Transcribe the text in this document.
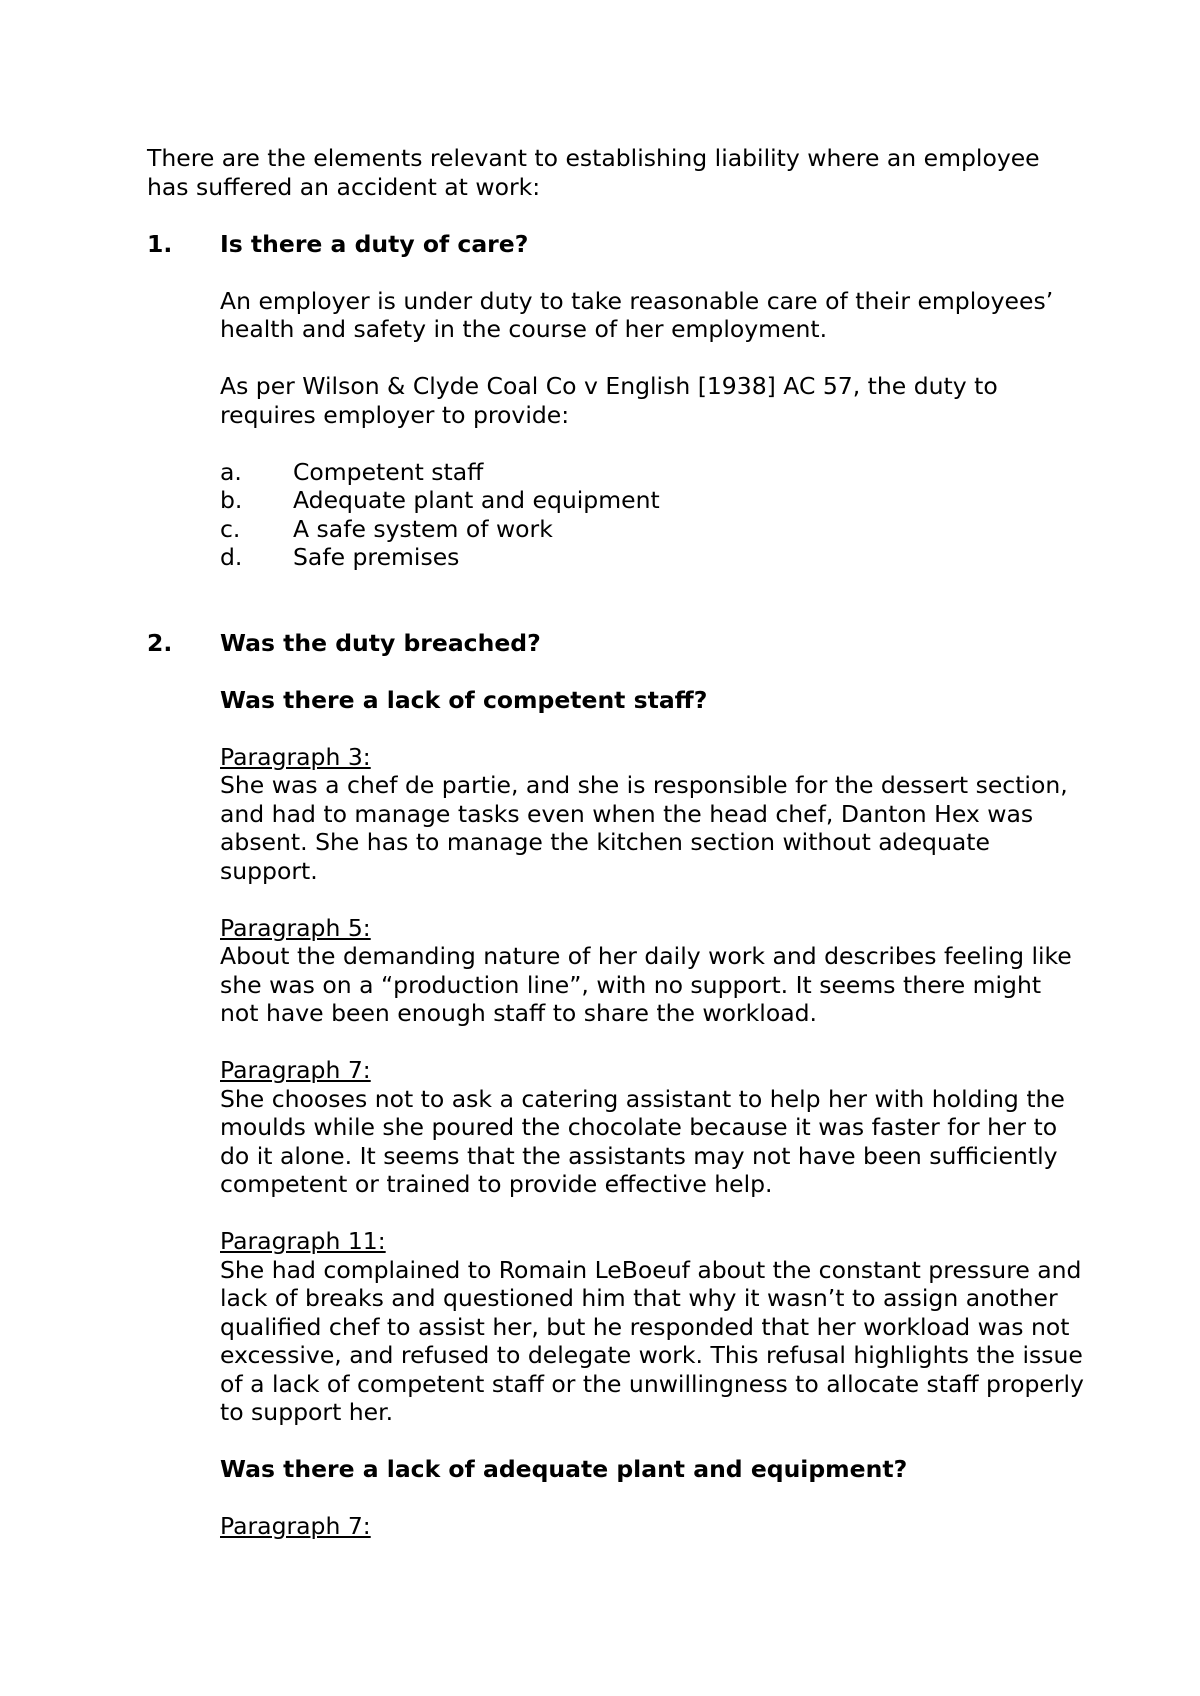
There are the elements relevant to establishing liability where an employee has suffered an accident at work:

1.	Is there a duty of care?

An employer is under duty to take reasonable care of their employees’ health and safety in the course of her employment.

As per Wilson & Clyde Coal Co v English [1938] AC 57, the duty to requires employer to provide:

a.	Competent staff
b.	Adequate plant and equipment
c.	A safe system of work
d.	Safe premises
2.	Was the duty breached?

Was there a lack of competent staff?

Paragraph 3:

She was a chef de partie, and she is responsible for the dessert section, and had to manage tasks even when the head chef, Danton Hex was absent. She has to manage the kitchen section without adequate support.

Paragraph 5:

About the demanding nature of her daily work and describes feeling like she was on a “production line”, with no support. It seems there might not have been enough staff to share the workload.

Paragraph 7:

She chooses not to ask a catering assistant to help her with holding the moulds while she poured the chocolate because it was faster for her to do it alone. It seems that the assistants may not have been sufficiently competent or trained to provide effective help.

Paragraph 11:

She had complained to Romain LeBoeuf about the constant pressure and lack of breaks and questioned him that why it wasn’t to assign another qualified chef to assist her, but he responded that her workload was not excessive, and refused to delegate work. This refusal highlights the issue of a lack of competent staff or the unwillingness to allocate staff properly to support her.

Was there a lack of adequate plant and equipment?

Paragraph 7:
